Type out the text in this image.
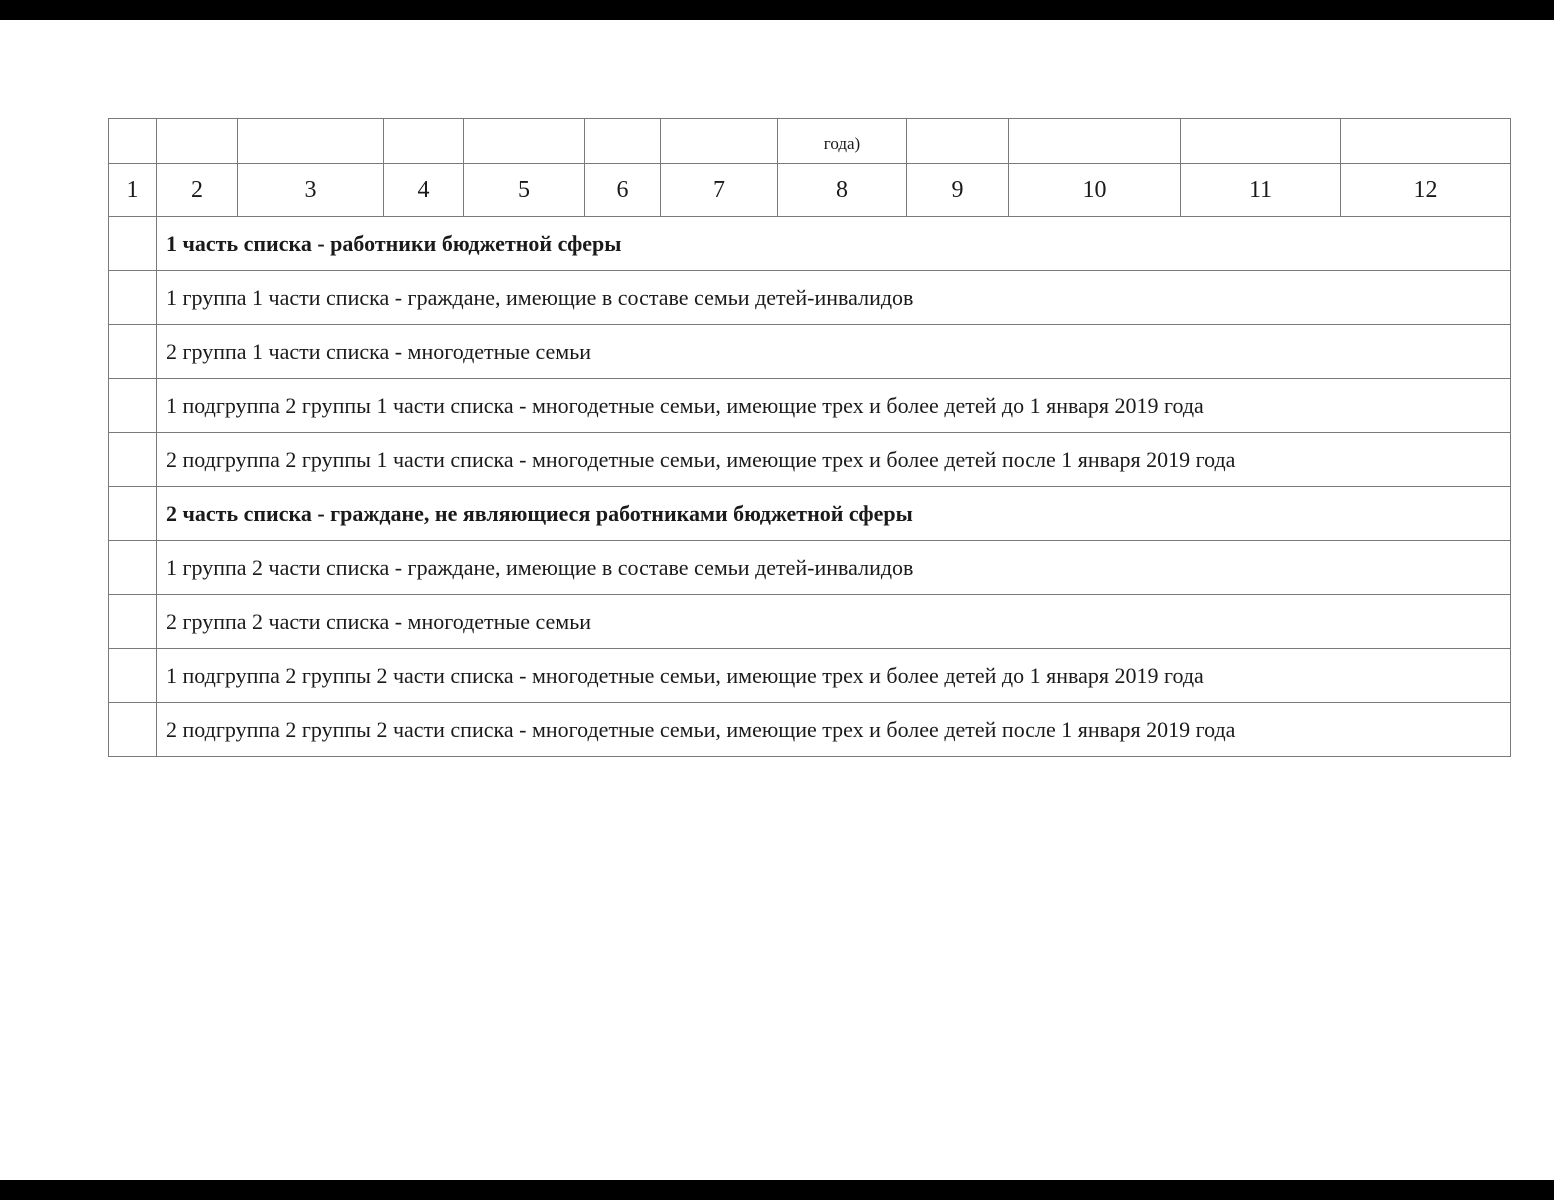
							года)				
1	2	3	4	5	6	7	8	9	10	11	12
	1 часть списка - работники бюджетной сферы										
	1 группа 1 части списка - граждане, имеющие в составе семьи детей-инвалидов										
	2 группа 1 части списка - многодетные семьи										
	1 подгруппа 2 группы 1 части списка - многодетные семьи, имеющие трех и более детей до 1 января 2019 года										
	2 подгруппа 2 группы 1 части списка - многодетные семьи, имеющие трех и более детей после 1 января 2019 года										
	2 часть списка - граждане, не являющиеся работниками бюджетной сферы										
	1 группа 2 части списка - граждане, имеющие в составе семьи детей-инвалидов										
	2 группа 2 части списка - многодетные семьи										
	1 подгруппа 2 группы 2 части списка - многодетные семьи, имеющие трех и более детей до 1 января 2019 года										
	2 подгруппа 2 группы 2 части списка - многодетные семьи, имеющие трех и более детей после 1 января 2019 года										
